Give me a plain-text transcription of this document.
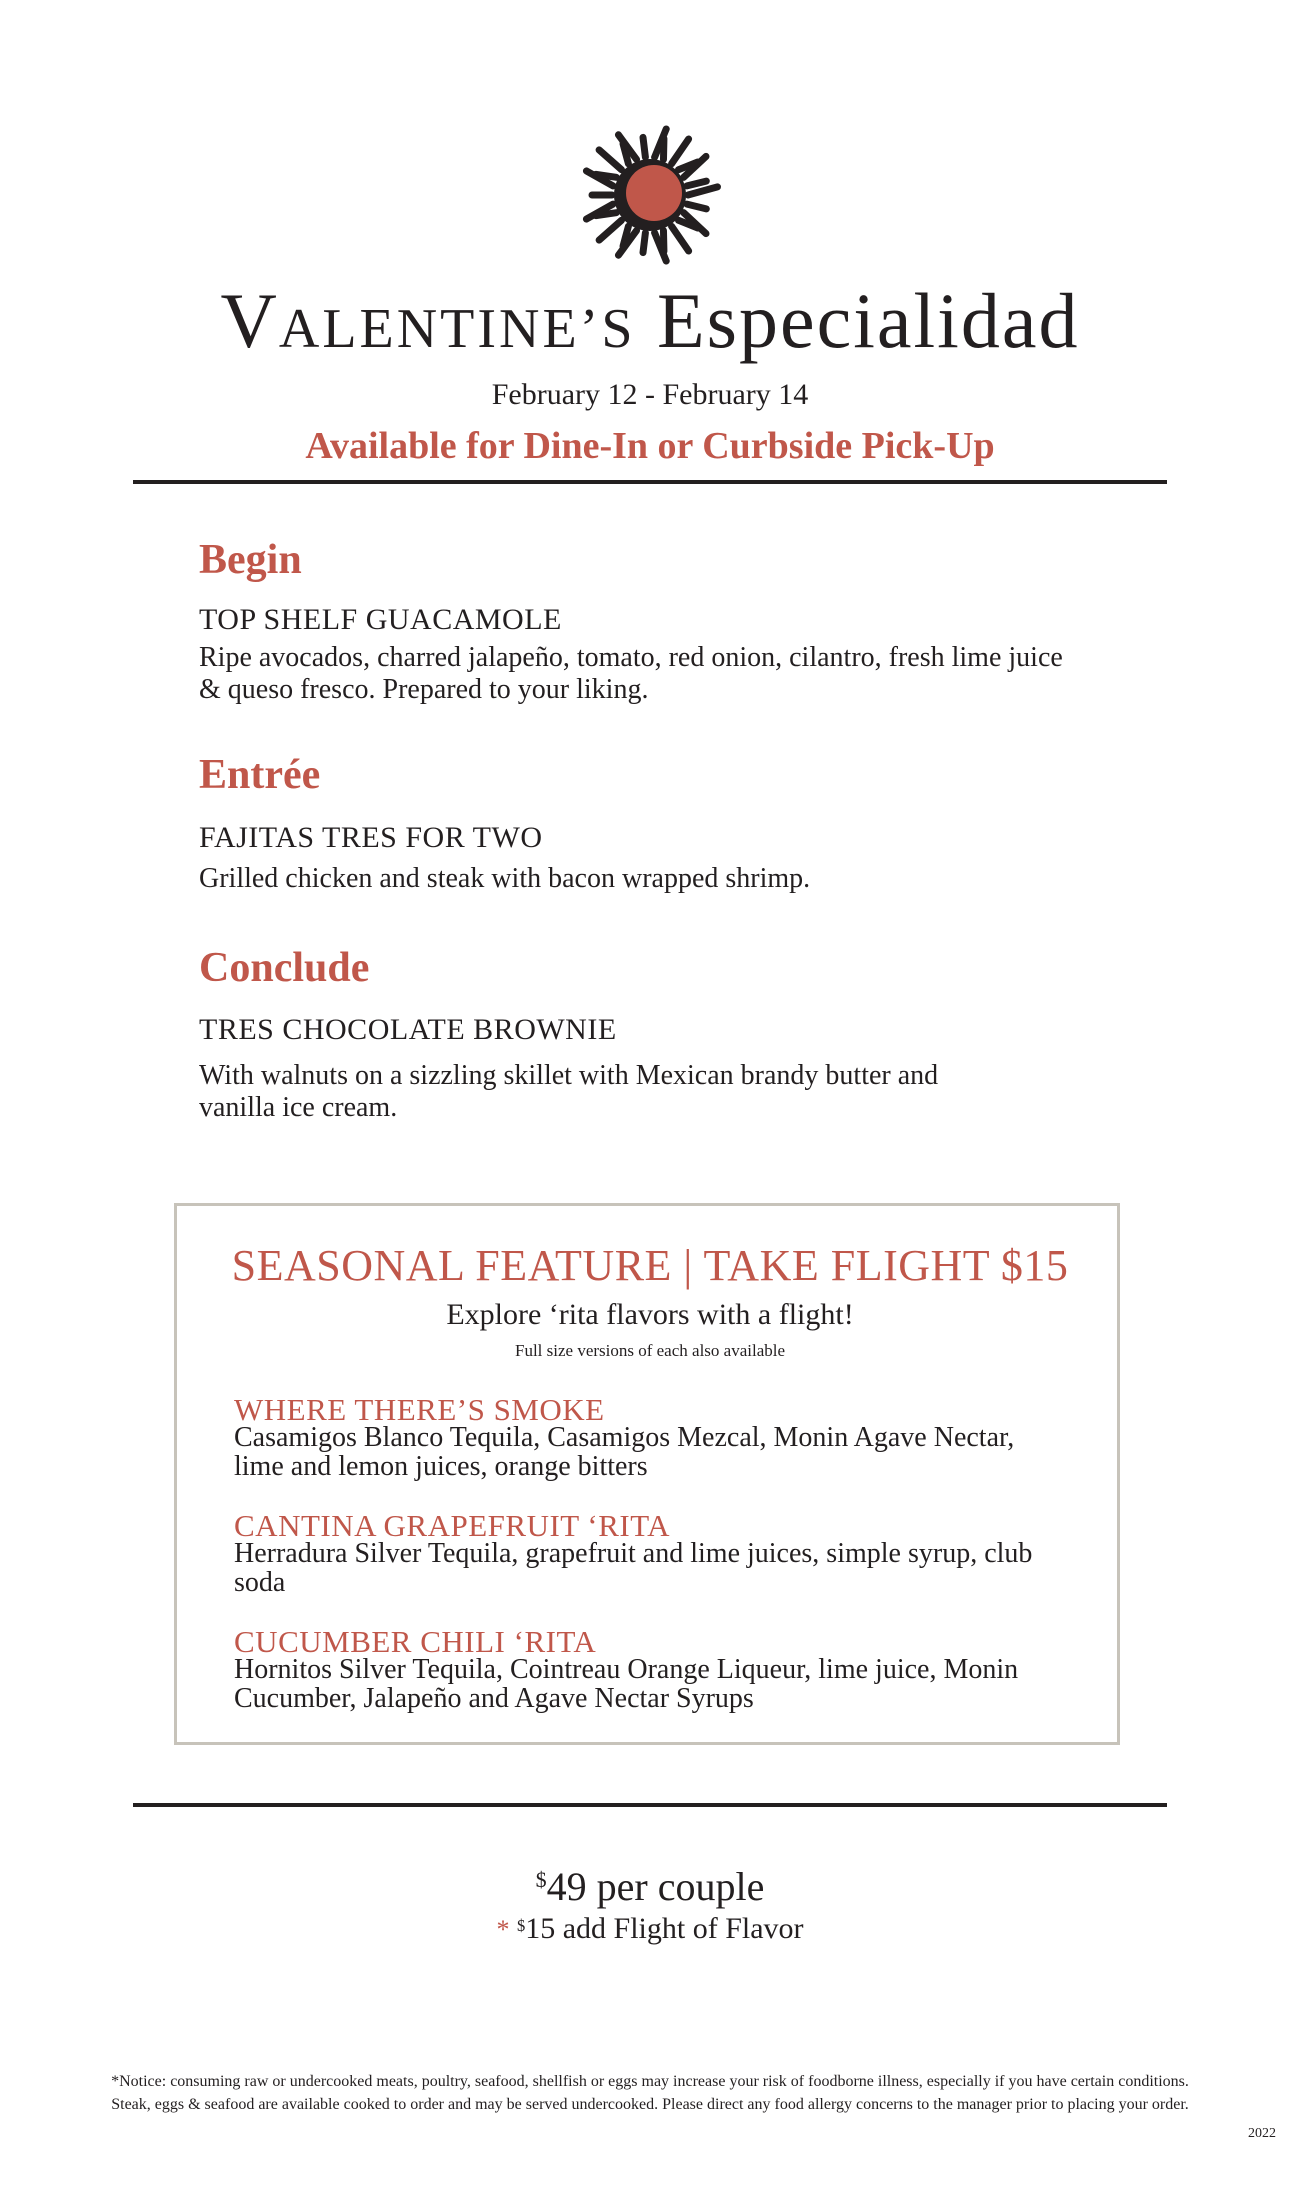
VALENTINE’S Especialidad
February 12 - February 14
Available for Dine-In or Curbside Pick-Up
Begin
TOP SHELF GUACAMOLE
Ripe avocados, charred jalapeño, tomato, red onion, cilantro, fresh lime juice
& queso fresco. Prepared to your liking.
Entrée
FAJITAS TRES FOR TWO
Grilled chicken and steak with bacon wrapped shrimp.
Conclude
TRES CHOCOLATE BROWNIE
With walnuts on a sizzling skillet with Mexican brandy butter and
vanilla ice cream.
SEASONAL FEATURE | TAKE FLIGHT $15
Explore ‘rita flavors with a flight!
Full size versions of each also available
WHERE THERE’S SMOKE
Casamigos Blanco Tequila, Casamigos Mezcal, Monin Agave Nectar,
lime and lemon juices, orange bitters
CANTINA GRAPEFRUIT ‘RITA
Herradura Silver Tequila, grapefruit and lime juices, simple syrup, club
soda
CUCUMBER CHILI ‘RITA
Hornitos Silver Tequila, Cointreau Orange Liqueur, lime juice, Monin
Cucumber, Jalapeño and Agave Nectar Syrups
$49 per couple
* $15 add Flight of Flavor
*Notice: consuming raw or undercooked meats, poultry, seafood, shellfish or eggs may increase your risk of foodborne illness, especially if you have certain conditions.
Steak, eggs & seafood are available cooked to order and may be served undercooked. Please direct any food allergy concerns to the manager prior to placing your order.
2022
